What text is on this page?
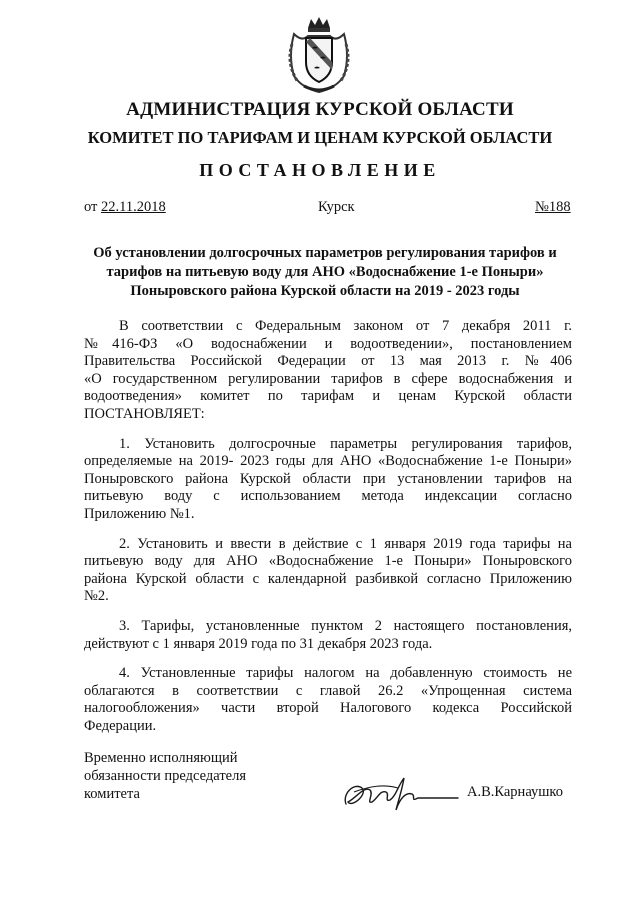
АДМИНИСТРАЦИЯ КУРСКОЙ ОБЛАСТИ
КОМИТЕТ ПО ТАРИФАМ И ЦЕНАМ КУРСКОЙ ОБЛАСТИ
ПОСТАНОВЛЕНИЕ
от 22.11.2018	Курск	№188
Об установлении долгосрочных параметров регулирования тарифов и
тарифов на питьевую воду для АНО «Водоснабжение 1-е Поныри»
Поныровского района Курской области на 2019 - 2023 годы
В соответствии с Федеральным законом от 7 декабря 2011 г.
№416-ФЗ «О водоснабжении и водоотведении», постановлением
Правительства Российской Федерации от 13 мая 2013 г. №406
«О государственном регулировании тарифов в сфере водоснабжения и
водоотведения» комитет по тарифам и ценам Курской области
ПОСТАНОВЛЯЕТ:
1. Установить долгосрочные параметры регулирования тарифов,
определяемые на 2019- 2023 годы для АНО «Водоснабжение 1-е Поныри»
Поныровского района Курской области при установлении тарифов на
питьевую воду с использованием метода индексации согласно
Приложению №1.
2. Установить и ввести в действие с 1 января 2019 года тарифы на
питьевую воду для АНО «Водоснабжение 1-е Поныри» Поныровского
района Курской области с календарной разбивкой согласно Приложению
№2.
3. Тарифы, установленные пунктом 2 настоящего постановления,
действуют с 1 января 2019 года по 31 декабря 2023 года.
4. Установленные тарифы налогом на добавленную стоимость не
облагаются в соответствии с главой 26.2 «Упрощенная система
налогообложения» части второй Налогового кодекса Российской
Федерации.
Временно исполняющий
обязанности председателя
комитета	А.В.Карнаушко
